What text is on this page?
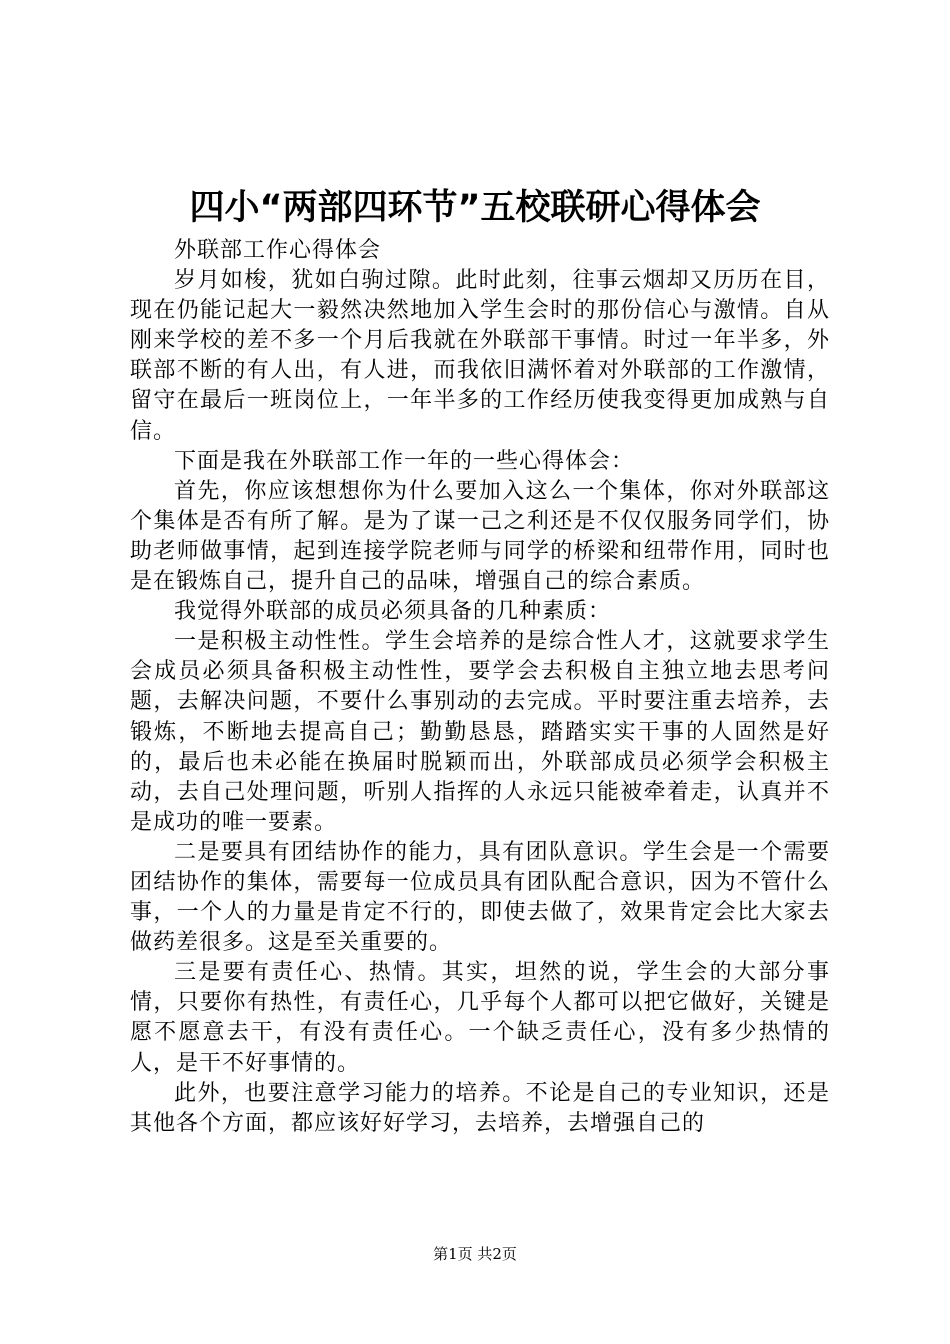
四小“两部四环节”五校联研心得体会

外联部工作心得体会

岁月如梭，犹如白驹过隙。此时此刻，往事云烟却又历历在目，现在仍能记起大一毅然决然地加入学生会时的那份信心与激情。自从刚来学校的差不多一个月后我就在外联部干事情。时过一年半多，外联部不断的有人出，有人进，而我依旧满怀着对外联部的工作激情，留守在最后一班岗位上，一年半多的工作经历使我变得更加成熟与自信。

下面是我在外联部工作一年的一些心得体会：

首先，你应该想想你为什么要加入这么一个集体，你对外联部这个集体是否有所了解。是为了谋一己之利还是不仅仅服务同学们，协助老师做事情，起到连接学院老师与同学的桥梁和纽带作用，同时也是在锻炼自己，提升自己的品味，增强自己的综合素质。

我觉得外联部的成员必须具备的几种素质：

一是积极主动性性。学生会培养的是综合性人才，这就要求学生会成员必须具备积极主动性性，要学会去积极自主独立地去思考问题，去解决问题，不要什么事别动的去完成。平时要注重去培养，去锻炼，不断地去提高自己；勤勤恳恳，踏踏实实干事的人固然是好的，最后也未必能在换届时脱颖而出，外联部成员必须学会积极主动，去自己处理问题，听别人指挥的人永远只能被牵着走，认真并不是成功的唯一要素。

二是要具有团结协作的能力，具有团队意识。学生会是一个需要团结协作的集体，需要每一位成员具有团队配合意识，因为不管什么事，一个人的力量是肯定不行的，即使去做了，效果肯定会比大家去做药差很多。这是至关重要的。

三是要有责任心、热情。其实，坦然的说，学生会的大部分事情，只要你有热性，有责任心，几乎每个人都可以把它做好，关键是愿不愿意去干，有没有责任心。一个缺乏责任心，没有多少热情的人，是干不好事情的。

此外，也要注意学习能力的培养。不论是自己的专业知识，还是其他各个方面，都应该好好学习，去培养，去增强自己的

第1页 共2页
